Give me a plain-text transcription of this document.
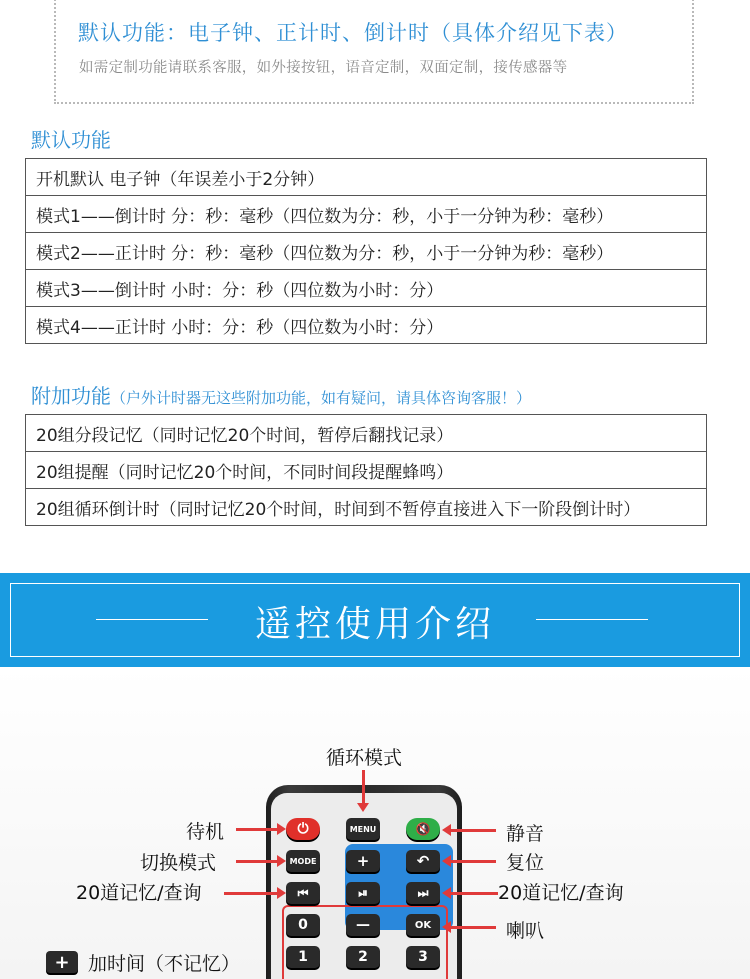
默认功能：电子钟、正计时、倒计时（具体介绍见下表）
如需定制功能请联系客服，如外接按钮，语音定制，双面定制，接传感器等
默认功能
开机默认 电子钟（年误差小于2分钟）
模式1——倒计时 分：秒：毫秒（四位数为分：秒，小于一分钟为秒：毫秒）
模式2——正计时 分：秒：毫秒（四位数为分：秒，小于一分钟为秒：毫秒）
模式3——倒计时 小时：分：秒（四位数为小时：分）
模式4——正计时 小时：分：秒（四位数为小时：分）
附加功能（户外计时器无这些附加功能，如有疑问，请具体咨询客服！）
20组分段记忆（同时记忆20个时间，暂停后翻找记录）
20组提醒（同时记忆20个时间，不同时间段提醒蜂鸣）
20组循环倒计时（同时记忆20个时间，时间到不暂停直接进入下一阶段倒计时）
遥控使用介绍
⏻	MENU	🔇
MODE	+	↶
⏮	⏯	⏭
0	—	OK
1	2	3
循环模式
待机
切换模式
20道记忆/查询
静音
复位
20道记忆/查询
喇叭
+ 加时间（不记忆）
